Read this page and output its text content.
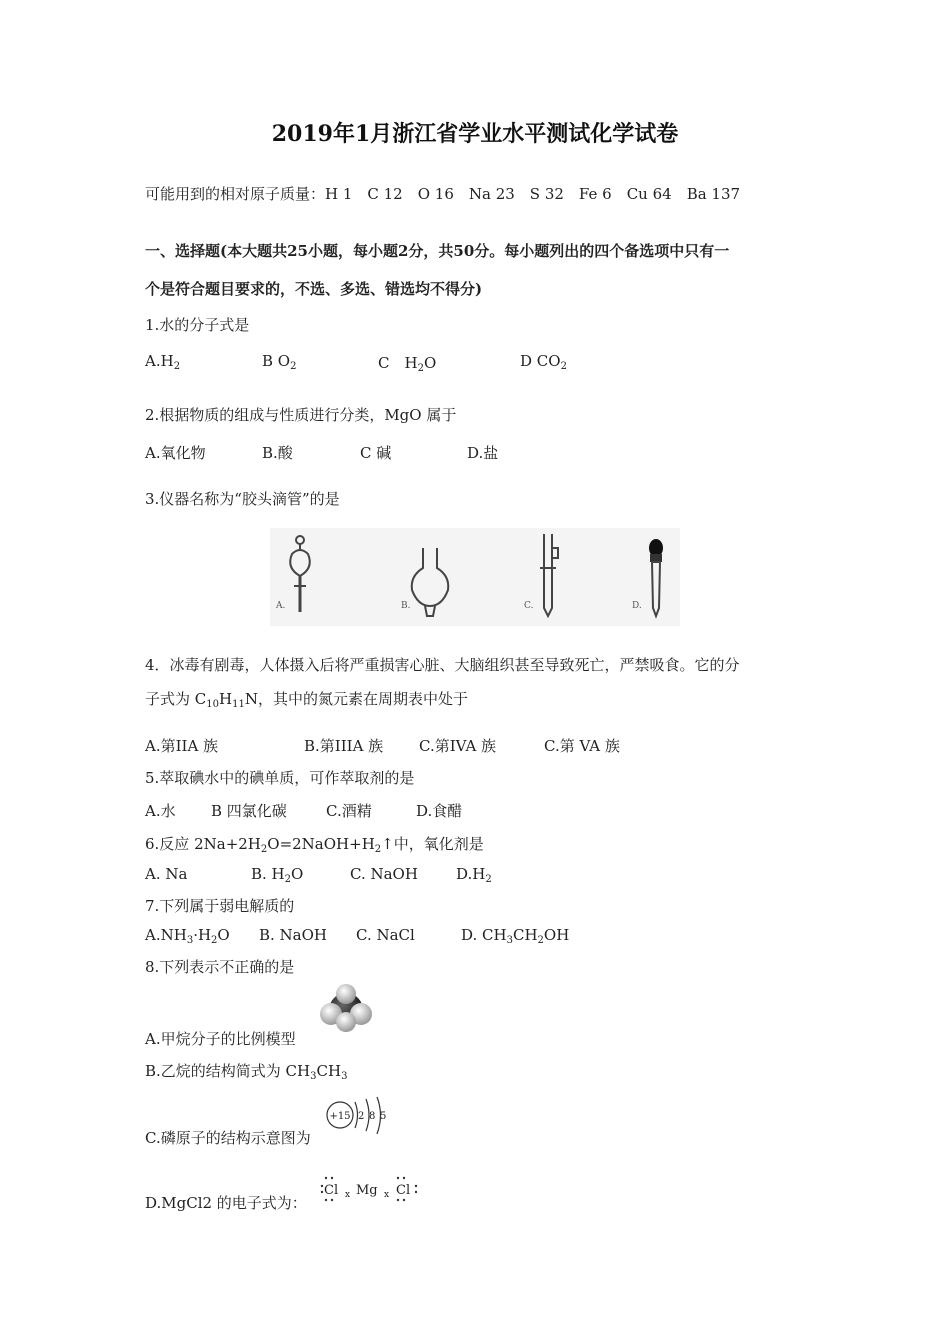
2019年1月浙江省学业水平测试化学试卷
可能用到的相对原子质量：H 1　C 12　O 16　Na 23　S 32　Fe 6　Cu 64　Ba 137
一、选择题(本大题共25小题，每小题2分，共50分。每小题列出的四个备选项中只有一
个是符合题目要求的，不选、多选、错选均不得分)
1.水的分子式是
$A.H_2$	B $O_2$	C　$H_2O$	D $CO_2$
2.根据物质的组成与性质进行分类，MgO 属于
A.氧化物	B.酸	C 碱	D.盐
3.仪器名称为“胶头滴管”的是
A.	B.	C.	D.
4．冰毒有剧毒，人体摄入后将严重损害心脏、大脑组织甚至导致死亡，严禁吸食。它的分
子式为 $C_{10}H_{11}N$，其中的氮元素在周期表中处于
A.第IIA 族	B.第IIIA 族 C.第IVA 族	C.第 VA 族
5.萃取碘水中的碘单质，可作萃取剂的是
A.水 B 四氯化碳	C.酒精	D.食醋
6.反应 $2Na+2H_2O=2NaOH+H_2↑$中，氧化剂是
A. Na	B. $H_2O$	C. NaOH	$D.H_2$
7.下列属于弱电解质的
$A.NH_3\cdot H_2O$ B. NaOH C. NaCl	D. $CH_3CH_2OH$
8.下列表示不正确的是
A.甲烷分子的比例模型
B.乙烷的结构简式为 $CH_3CH_3$
C.磷原子的结构示意图为
+15 2 8 5
D.MgCl2 的电子式为：
Cl x Mg x Cl
